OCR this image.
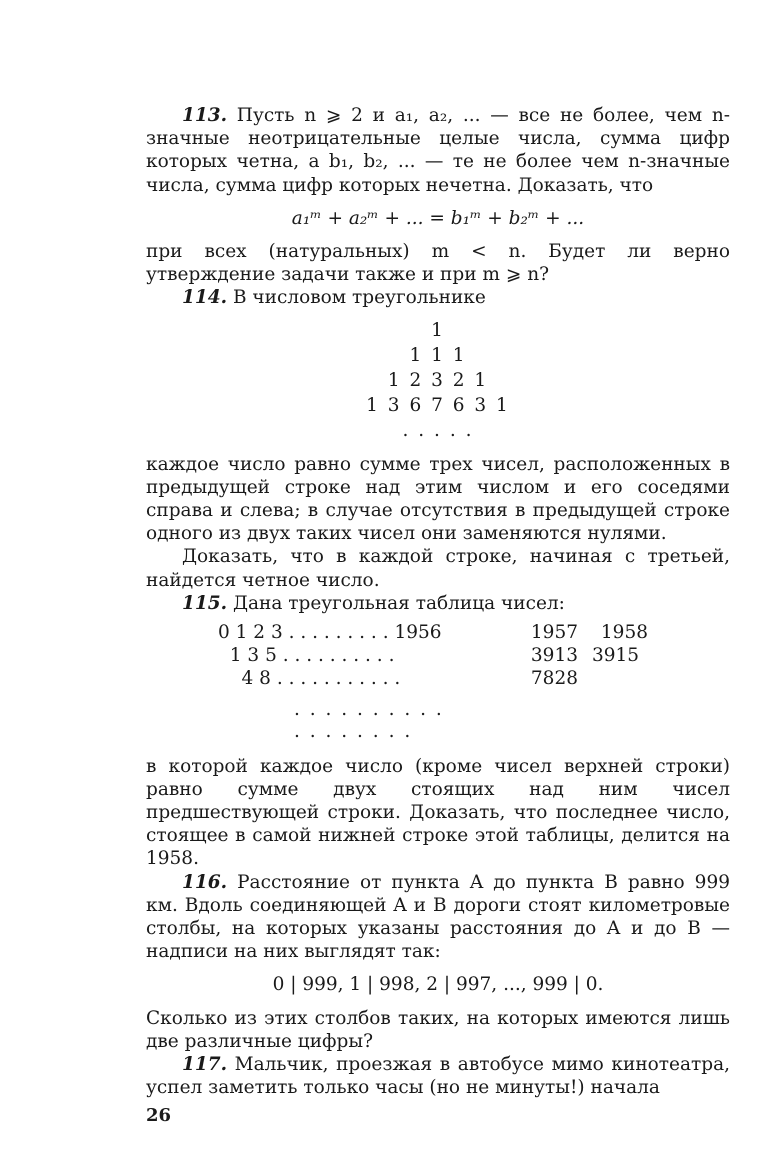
113. Пусть n ⩾ 2 и a₁, a₂, ... — все не более, чем n-значные неотрицательные целые числа, сумма цифр которых четна, а b₁, b₂, ... — те не более чем n-значные числа, сумма цифр которых нечетна. Доказать, что

a₁ᵐ + a₂ᵐ + ... = b₁ᵐ + b₂ᵐ + ...

при всех (натуральных) m < n. Будет ли верно утверждение задачи также и при m ⩾ n?

114. В числовом треугольнике

1
1 1 1
1 2 3 2 1
1 3 6 7 6 3 1
. . . . .

каждое число равно сумме трех чисел, расположенных в предыдущей строке над этим числом и его соседями справа и слева; в случае отсутствия в предыдущей строке одного из двух таких чисел они заменяются нулями.

Доказать, что в каждой строке, начиная с третьей, найдется четное число.

115. Дана треугольная таблица чисел:

0 1 2 3 . . . . . . . . . 1956	1957	1958
1 3 5 . . . . . . . . . .	3913	3915
4 8 . . . . . . . . . . .	7828	
. . . . . . . . . .
. . . . . . . .

в которой каждое число (кроме чисел верхней строки) равно сумме двух стоящих над ним чисел предшествующей строки. Доказать, что последнее число, стоящее в самой нижней строке этой таблицы, делится на 1958.

116. Расстояние от пункта A до пункта B равно 999 км. Вдоль соединяющей A и B дороги стоят километровые столбы, на которых указаны расстояния до A и до B — надписи на них выглядят так:

0 | 999, 1 | 998, 2 | 997, ..., 999 | 0.

Сколько из этих столбов таких, на которых имеются лишь две различные цифры?

117. Мальчик, проезжая в автобусе мимо кинотеатра, успел заметить только часы (но не минуты!) начала

26
